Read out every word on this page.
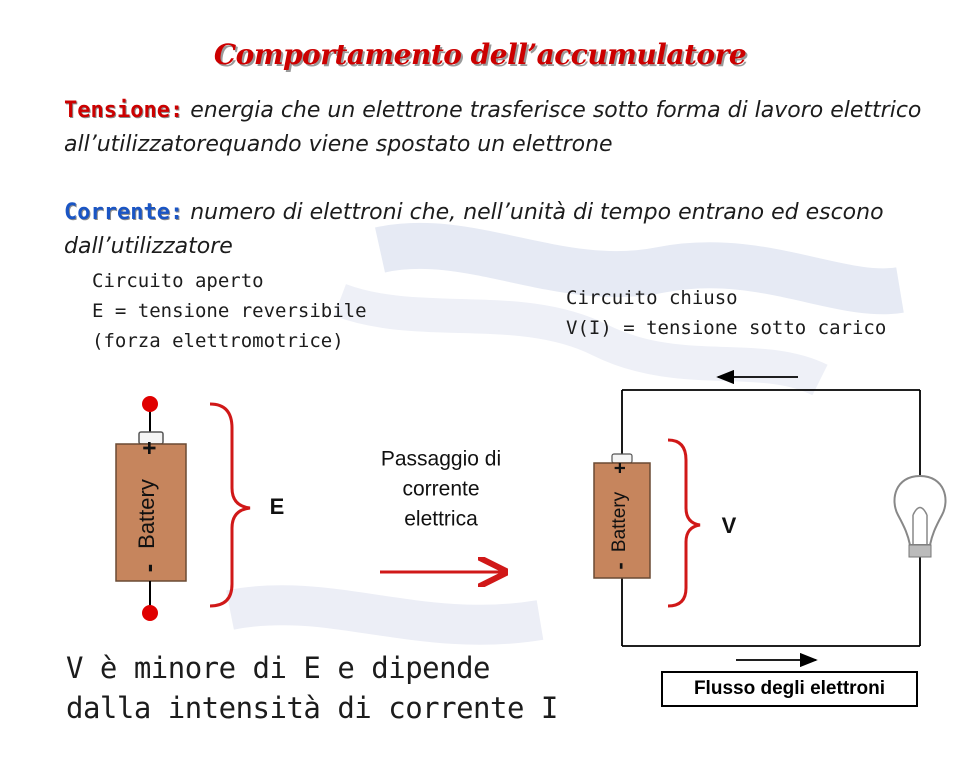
Comportamento dell’accumulatore
Tensione: energia che un elettrone trasferisce sotto forma di lavoro elettrico all’utilizzatorequando viene spostato un elettrone
Corrente: numero di elettroni che, nell’unità di tempo entrano ed escono dall’utilizzatore
Circuito aperto
E = tensione reversibile
(forza elettromotrice)
Circuito chiuso
V(I) = tensione sotto carico
+
Battery
-
E
Passaggio di
corrente
elettrica
+
Battery
-
V
V è minore di E e dipende
dalla intensità di corrente I
Flusso degli elettroni
